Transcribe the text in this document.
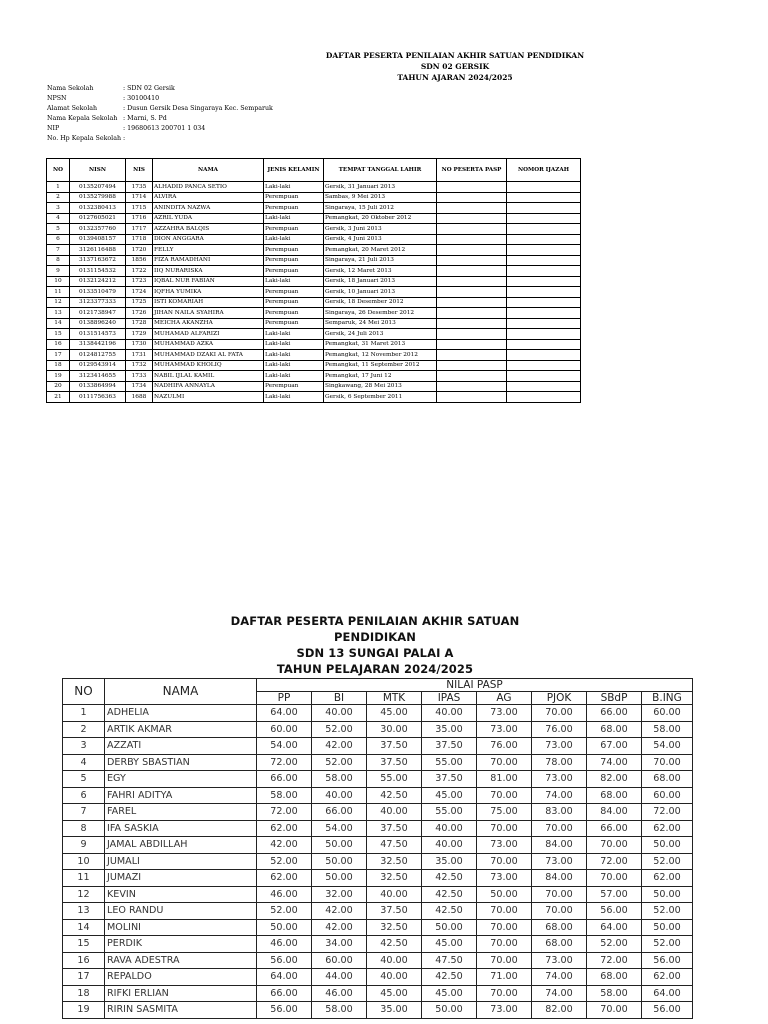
DAFTAR PESERTA PENILAIAN AKHIR SATUAN PENDIDIKAN
SDN 02 GERSIK
TAHUN AJARAN 2024/2025
Nama Sekolah	: SDN 02 Gersik
NPSN	: 30100410
Alamat Sekolah	: Dusun Gersik Desa Singaraya Kec. Semparuk
Nama Kepala Sekolah : Marni, S. Pd
NIP	: 19680613 200701 1 034
No. Hp Kepala Sekolah :
NO	NISN	NIS	NAMA	JENIS KELAMIN	TEMPAT TANGGAL LAHIR	NO PESERTA PASP	NOMOR IJAZAH
1	0135207494	1735	ALHADID PANCA SETIO	Laki-laki	Gersik, 31 Januari 2013		
2	0135279988	1714	ALVIRA	Perempuan	Sambas, 9 Mei 2013		
3	0132380413	1715	ANINDITA NAZWA	Perempuan	Singaraya, 15 Juli 2012		
4	0127605021	1716	AZRIL YUDA	Laki-laki	Pemangkat, 20 Oktober 2012		
5	0132357760	1717	AZZAHRA BALQIS	Perempuan	Gersik, 3 Juni 2013		
6	0139408157	1718	DION ANGGARA	Laki-laki	Gersik, 4 Juni 2013		
7	3126116488	1720	FELLY	Perempuan	Pemangkat, 20 Maret 2012		
8	3137163672	1856	FIZA RAMADHANI	Perempuan	Singaraya, 21 Juli 2013		
9	0131154532	1722	IIQ NURARISKA	Perempuan	Gersik, 12 Maret 2013		
10	0132124212	1723	IQBAL NUR FABIAN	Laki-laki	Gersik, 18 Januari 2013		
11	0133510479	1724	IQFHA YUMIKA	Perempuan	Gersik, 10 Januari 2013		
12	3123377333	1725	ISTI KOMARIAH	Perempuan	Gersik, 18 Desember 2012		
13	0121738947	1726	JIHAN NAILA SYAHIRA	Perempuan	Singaraya, 26 Desember 2012		
14	0138896240	1728	MEICHA AKANZHA	Perempuan	Semparuk, 24 Mei 2013		
15	0131514573	1729	MUHAMAD ALFARIZI	Laki-laki	Gersik, 24 Juli 2013		
16	3138442196	1730	MUHAMMAD AZKA	Laki-laki	Pemangkat, 31 Maret 2013		
17	0124812755	1731	MUHAMMAD DZAKI AL FATA	Laki-laki	Pemangkat, 12 November 2012		
18	0129543914	1732	MUHAMMAD KHOLIQ	Laki-laki	Pemangkat, 11 September 2012		
19	3123414655	1733	NABIL IJLAL KAMIL	Laki-laki	Pemangkat, 17 Juni 12		
20	0133864994	1734	NADHIFA ANNAYLA	Perempuan	Singkawang, 28 Mei 2013		
21	0111756363	1688	NAZULMI	Laki-laki	Gersik, 6 September 2011		
DAFTAR PESERTA PENILAIAN AKHIR SATUAN PENDIDIKAN
SDN 13 SUNGAI PALAI A
TAHUN PELAJARAN 2024/2025
NO	NAMA	NILAI PASP							
		PP	BI	MTK	IPAS	AG	PJOK	SBdP	B.ING
1	ADHELIA	64.00	40.00	45.00	40.00	73.00	70.00	66.00	60.00
2	ARTIK AKMAR	60.00	52.00	30.00	35.00	73.00	76.00	68.00	58.00
3	AZZATI	54.00	42.00	37.50	37.50	76.00	73.00	67.00	54.00
4	DERBY SBASTIAN	72.00	52.00	37.50	55.00	70.00	78.00	74.00	70.00
5	EGY	66.00	58.00	55.00	37.50	81.00	73.00	82.00	68.00
6	FAHRI ADITYA	58.00	40.00	42.50	45.00	70.00	74.00	68.00	60.00
7	FAREL	72.00	66.00	40.00	55.00	75.00	83.00	84.00	72.00
8	IFA SASKIA	62.00	54.00	37.50	40.00	70.00	70.00	66.00	62.00
9	JAMAL ABDILLAH	42.00	50.00	47.50	40.00	73.00	84.00	70.00	50.00
10	JUMALI	52.00	50.00	32.50	35.00	70.00	73.00	72.00	52.00
11	JUMAZI	62.00	50.00	32.50	42.50	73.00	84.00	70.00	62.00
12	KEVIN	46.00	32.00	40.00	42.50	50.00	70.00	57.00	50.00
13	LEO RANDU	52.00	42.00	37.50	42.50	70.00	70.00	56.00	52.00
14	MOLINI	50.00	42.00	32.50	50.00	70.00	68.00	64.00	50.00
15	PERDIK	46.00	34.00	42.50	45.00	70.00	68.00	52.00	52.00
16	RAVA ADESTRA	56.00	60.00	40.00	47.50	70.00	73.00	72.00	56.00
17	REPALDO	64.00	44.00	40.00	42.50	71.00	74.00	68.00	62.00
18	RIFKI ERLIAN	66.00	46.00	45.00	45.00	70.00	74.00	58.00	64.00
19	RIRIN SASMITA	56.00	58.00	35.00	50.00	73.00	82.00	70.00	56.00
